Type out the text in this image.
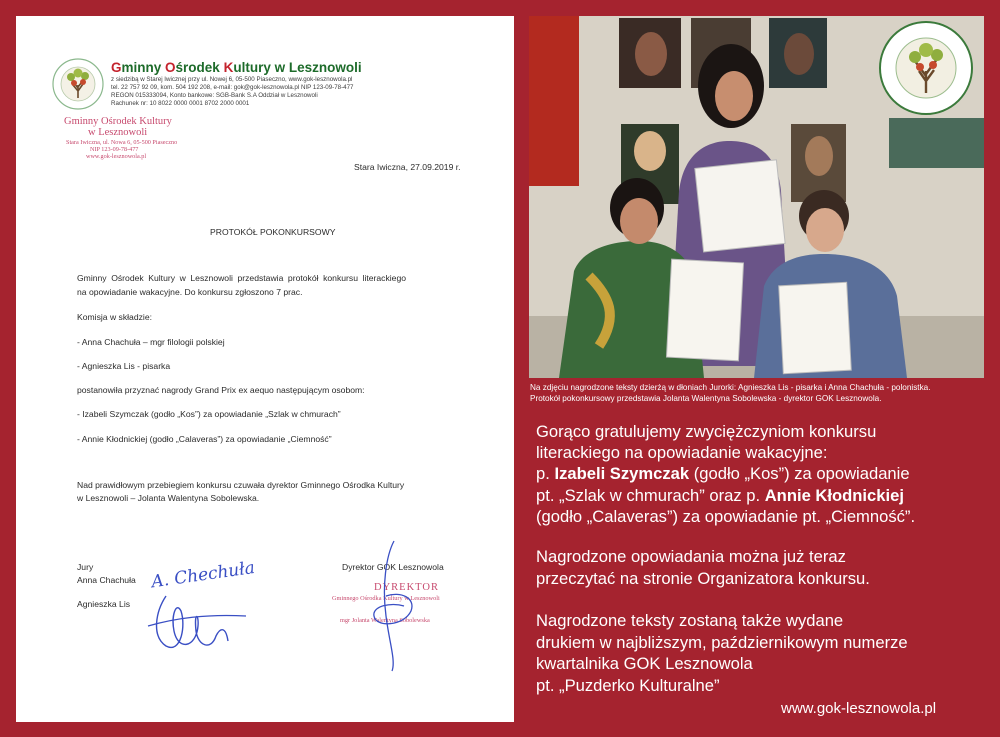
Gminny Ośrodek Kultury w Lesznowoli
z siedzibą w Starej Iwicznej przy ul. Nowej 6, 05-500 Piaseczno, www.gok-lesznowola.pl
tel. 22 757 92 09, kom. 504 192 208, e-mail: gok@gok-lesznowola.pl NIP 123-09-78-477
REGON 015333094, Konto bankowe: SGB-Bank S.A Oddział w Lesznowoli
Rachunek nr: 10 8022 0000 0001 8702 2000 0001
Gminny Ośrodek Kultury
w Lesznowoli
Stara Iwiczna, ul. Nowa 6, 05-500 Piaseczno
NIP 123-09-78-477
www.gok-lesznowola.pl
Stara Iwiczna, 27.09.2019 r.
PROTOKÓŁ POKONKURSOWY
Gminny Ośrodek Kultury w Lesznowoli przedstawia protokół konkursu literackiego
na opowiadanie wakacyjne. Do konkursu zgłoszono 7 prac.
Komisja w składzie:
- Anna Chachuła – mgr filologii polskiej
- Agnieszka Lis - pisarka
postanowiła przyznać nagrody Grand Prix ex aequo następującym osobom:
- Izabeli Szymczak (godło „Kos”) za opowiadanie „Szlak w chmurach”
- Annie Kłodnickiej (godło „Calaveras”) za opowiadanie „Ciemność”
Nad prawidłowym przebiegiem konkursu czuwała dyrektor Gminnego Ośrodka Kultury
w Lesznowoli – Jolanta Walentyna Sobolewska.
Jury
Anna Chachuła
Agnieszka Lis
Dyrektor GOK Lesznowola
DYREKTOR
Gminnego Ośrodka Kultury w Lesznowoli
mgr Jolanta Walentyna Sobolewska
A. Chechuła
Na zdjęciu nagrodzone teksty dzierżą w dłoniach Jurorki: Agnieszka Lis - pisarka i Anna Chachuła - polonistka.
Protokół pokonkursowy przedstawia Jolanta Walentyna Sobolewska - dyrektor GOK Lesznowola.
Gorąco gratulujemy zwyciężczyniom konkursu
literackiego na opowiadanie wakacyjne:
p. Izabeli Szymczak (godło „Kos”) za opowiadanie
pt. „Szlak w chmurach” oraz p. Annie Kłodnickiej
(godło „Calaveras”) za opowiadanie pt. „Ciemność”.
Nagrodzone opowiadania można już teraz
przeczytać na stronie Organizatora konkursu.
Nagrodzone teksty zostaną także wydane
drukiem w najbliższym, październikowym numerze
kwartalnika GOK Lesznowola
pt. „Puzderko Kulturalne”
www.gok-lesznowola.pl
